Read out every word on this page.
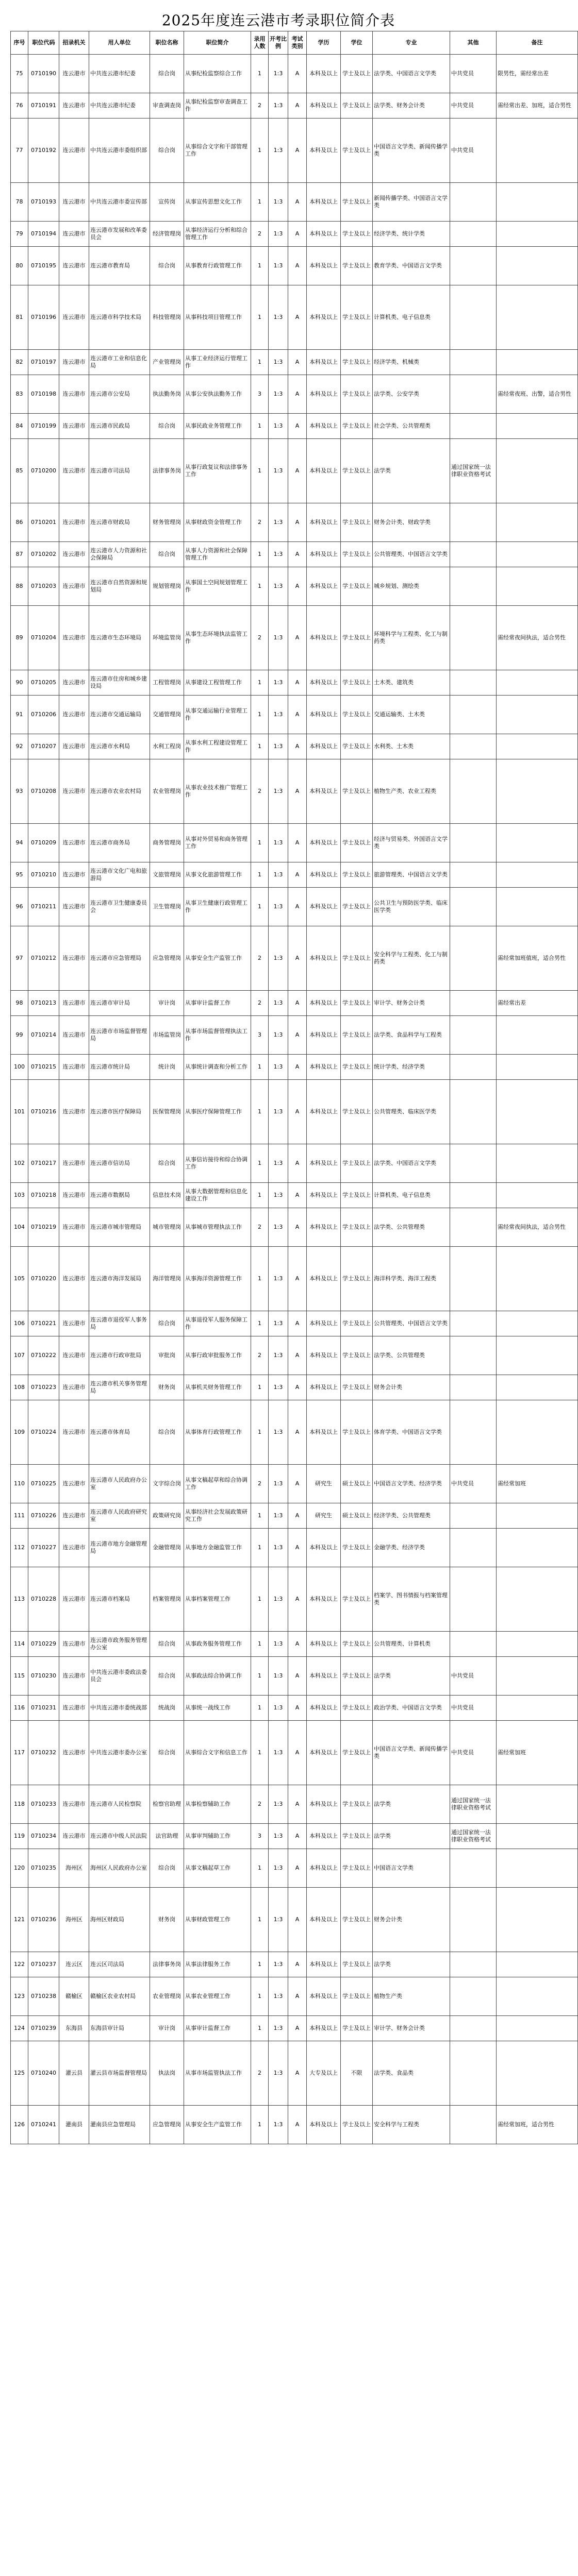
2025年度连云港市考录职位简介表
序号	职位代码	招录机关	用人单位	职位名称	职位简介	录用人数	开考比例	考试类别	学历	学位	专业	其他	备注
75	0710190	连云港市	中共连云港市纪委	综合岗	从事纪检监察综合工作	1	1:3	A	本科及以上	学士及以上	法学类、中国语言文学类	中共党员	限男性，需经常出差
76	0710191	连云港市	中共连云港市纪委	审查调查岗	从事纪检监察审查调查工作	2	1:3	A	本科及以上	学士及以上	法学类、财务会计类	中共党员	需经常出差、加班，适合男性
77	0710192	连云港市	中共连云港市委组织部	综合岗	从事综合文字和干部管理工作	1	1:3	A	本科及以上	学士及以上	中国语言文学类、新闻传播学类	中共党员	
78	0710193	连云港市	中共连云港市委宣传部	宣传岗	从事宣传思想文化工作	1	1:3	A	本科及以上	学士及以上	新闻传播学类、中国语言文学类		
79	0710194	连云港市	连云港市发展和改革委员会	经济管理岗	从事经济运行分析和综合管理工作	2	1:3	A	本科及以上	学士及以上	经济学类、统计学类		
80	0710195	连云港市	连云港市教育局	综合岗	从事教育行政管理工作	1	1:3	A	本科及以上	学士及以上	教育学类、中国语言文学类		
81	0710196	连云港市	连云港市科学技术局	科技管理岗	从事科技项目管理工作	1	1:3	A	本科及以上	学士及以上	计算机类、电子信息类		
82	0710197	连云港市	连云港市工业和信息化局	产业管理岗	从事工业经济运行管理工作	1	1:3	A	本科及以上	学士及以上	经济学类、机械类		
83	0710198	连云港市	连云港市公安局	执法勤务岗	从事公安执法勤务工作	3	1:3	A	本科及以上	学士及以上	法学类、公安学类		需经常夜班、出警，适合男性
84	0710199	连云港市	连云港市民政局	综合岗	从事民政业务管理工作	1	1:3	A	本科及以上	学士及以上	社会学类、公共管理类		
85	0710200	连云港市	连云港市司法局	法律事务岗	从事行政复议和法律事务工作	1	1:3	A	本科及以上	学士及以上	法学类	通过国家统一法律职业资格考试	
86	0710201	连云港市	连云港市财政局	财务管理岗	从事财政资金管理工作	2	1:3	A	本科及以上	学士及以上	财务会计类、财政学类		
87	0710202	连云港市	连云港市人力资源和社会保障局	综合岗	从事人力资源和社会保障管理工作	1	1:3	A	本科及以上	学士及以上	公共管理类、中国语言文学类		
88	0710203	连云港市	连云港市自然资源和规划局	规划管理岗	从事国土空间规划管理工作	1	1:3	A	本科及以上	学士及以上	城乡规划、测绘类		
89	0710204	连云港市	连云港市生态环境局	环境监管岗	从事生态环境执法监管工作	2	1:3	A	本科及以上	学士及以上	环境科学与工程类、化工与制药类		需经常夜间执法，适合男性
90	0710205	连云港市	连云港市住房和城乡建设局	工程管理岗	从事建设工程管理工作	1	1:3	A	本科及以上	学士及以上	土木类、建筑类		
91	0710206	连云港市	连云港市交通运输局	交通管理岗	从事交通运输行业管理工作	1	1:3	A	本科及以上	学士及以上	交通运输类、土木类		
92	0710207	连云港市	连云港市水利局	水利工程岗	从事水利工程建设管理工作	1	1:3	A	本科及以上	学士及以上	水利类、土木类		
93	0710208	连云港市	连云港市农业农村局	农业管理岗	从事农业技术推广管理工作	2	1:3	A	本科及以上	学士及以上	植物生产类、农业工程类		
94	0710209	连云港市	连云港市商务局	商务管理岗	从事对外贸易和商务管理工作	1	1:3	A	本科及以上	学士及以上	经济与贸易类、外国语言文学类		
95	0710210	连云港市	连云港市文化广电和旅游局	文旅管理岗	从事文化旅游管理工作	1	1:3	A	本科及以上	学士及以上	旅游管理类、中国语言文学类		
96	0710211	连云港市	连云港市卫生健康委员会	卫生管理岗	从事卫生健康行政管理工作	1	1:3	A	本科及以上	学士及以上	公共卫生与预防医学类、临床医学类		
97	0710212	连云港市	连云港市应急管理局	应急管理岗	从事安全生产监管工作	2	1:3	A	本科及以上	学士及以上	安全科学与工程类、化工与制药类		需经常加班值班，适合男性
98	0710213	连云港市	连云港市审计局	审计岗	从事审计监督工作	2	1:3	A	本科及以上	学士及以上	审计学、财务会计类		需经常出差
99	0710214	连云港市	连云港市市场监督管理局	市场监管岗	从事市场监督管理执法工作	3	1:3	A	本科及以上	学士及以上	法学类、食品科学与工程类		
100	0710215	连云港市	连云港市统计局	统计岗	从事统计调查和分析工作	1	1:3	A	本科及以上	学士及以上	统计学类、经济学类		
101	0710216	连云港市	连云港市医疗保障局	医保管理岗	从事医疗保障管理工作	1	1:3	A	本科及以上	学士及以上	公共管理类、临床医学类		
102	0710217	连云港市	连云港市信访局	综合岗	从事信访接待和综合协调工作	1	1:3	A	本科及以上	学士及以上	法学类、中国语言文学类		
103	0710218	连云港市	连云港市数据局	信息技术岗	从事大数据管理和信息化建设工作	1	1:3	A	本科及以上	学士及以上	计算机类、电子信息类		
104	0710219	连云港市	连云港市城市管理局	城市管理岗	从事城市管理执法工作	2	1:3	A	本科及以上	学士及以上	法学类、公共管理类		需经常夜间执法，适合男性
105	0710220	连云港市	连云港市海洋发展局	海洋管理岗	从事海洋资源管理工作	1	1:3	A	本科及以上	学士及以上	海洋科学类、海洋工程类		
106	0710221	连云港市	连云港市退役军人事务局	综合岗	从事退役军人服务保障工作	1	1:3	A	本科及以上	学士及以上	公共管理类、中国语言文学类		
107	0710222	连云港市	连云港市行政审批局	审批岗	从事行政审批服务工作	2	1:3	A	本科及以上	学士及以上	法学类、公共管理类		
108	0710223	连云港市	连云港市机关事务管理局	财务岗	从事机关财务管理工作	1	1:3	A	本科及以上	学士及以上	财务会计类		
109	0710224	连云港市	连云港市体育局	综合岗	从事体育行政管理工作	1	1:3	A	本科及以上	学士及以上	体育学类、中国语言文学类		
110	0710225	连云港市	连云港市人民政府办公室	文字综合岗	从事文稿起草和综合协调工作	2	1:3	A	研究生	硕士及以上	中国语言文学类、经济学类	中共党员	需经常加班
111	0710226	连云港市	连云港市人民政府研究室	政策研究岗	从事经济社会发展政策研究工作	1	1:3	A	研究生	硕士及以上	经济学类、公共管理类		
112	0710227	连云港市	连云港市地方金融管理局	金融管理岗	从事地方金融监管工作	1	1:3	A	本科及以上	学士及以上	金融学类、经济学类		
113	0710228	连云港市	连云港市档案局	档案管理岗	从事档案管理工作	1	1:3	A	本科及以上	学士及以上	档案学、图书情报与档案管理类		
114	0710229	连云港市	连云港市政务服务管理办公室	综合岗	从事政务服务管理工作	1	1:3	A	本科及以上	学士及以上	公共管理类、计算机类		
115	0710230	连云港市	中共连云港市委政法委员会	综合岗	从事政法综合协调工作	1	1:3	A	本科及以上	学士及以上	法学类	中共党员	
116	0710231	连云港市	中共连云港市委统战部	统战岗	从事统一战线工作	1	1:3	A	本科及以上	学士及以上	政治学类、中国语言文学类	中共党员	
117	0710232	连云港市	中共连云港市委办公室	综合岗	从事综合文字和信息工作	1	1:3	A	本科及以上	学士及以上	中国语言文学类、新闻传播学类	中共党员	需经常加班
118	0710233	连云港市	连云港市人民检察院	检察官助理	从事检察辅助工作	2	1:3	A	本科及以上	学士及以上	法学类	通过国家统一法律职业资格考试	
119	0710234	连云港市	连云港市中级人民法院	法官助理	从事审判辅助工作	3	1:3	A	本科及以上	学士及以上	法学类	通过国家统一法律职业资格考试	
120	0710235	海州区	海州区人民政府办公室	综合岗	从事文稿起草工作	1	1:3	A	本科及以上	学士及以上	中国语言文学类		
121	0710236	海州区	海州区财政局	财务岗	从事财政管理工作	1	1:3	A	本科及以上	学士及以上	财务会计类		
122	0710237	连云区	连云区司法局	法律事务岗	从事法律服务工作	1	1:3	A	本科及以上	学士及以上	法学类		
123	0710238	赣榆区	赣榆区农业农村局	农业管理岗	从事农业管理工作	1	1:3	A	本科及以上	学士及以上	植物生产类		
124	0710239	东海县	东海县审计局	审计岗	从事审计监督工作	1	1:3	A	本科及以上	学士及以上	审计学、财务会计类		
125	0710240	灌云县	灌云县市场监督管理局	执法岗	从事市场监管执法工作	2	1:3	A	大专及以上	不限	法学类、食品类		
126	0710241	灌南县	灌南县应急管理局	应急管理岗	从事安全生产监管工作	1	1:3	A	本科及以上	学士及以上	安全科学与工程类		需经常加班，适合男性
